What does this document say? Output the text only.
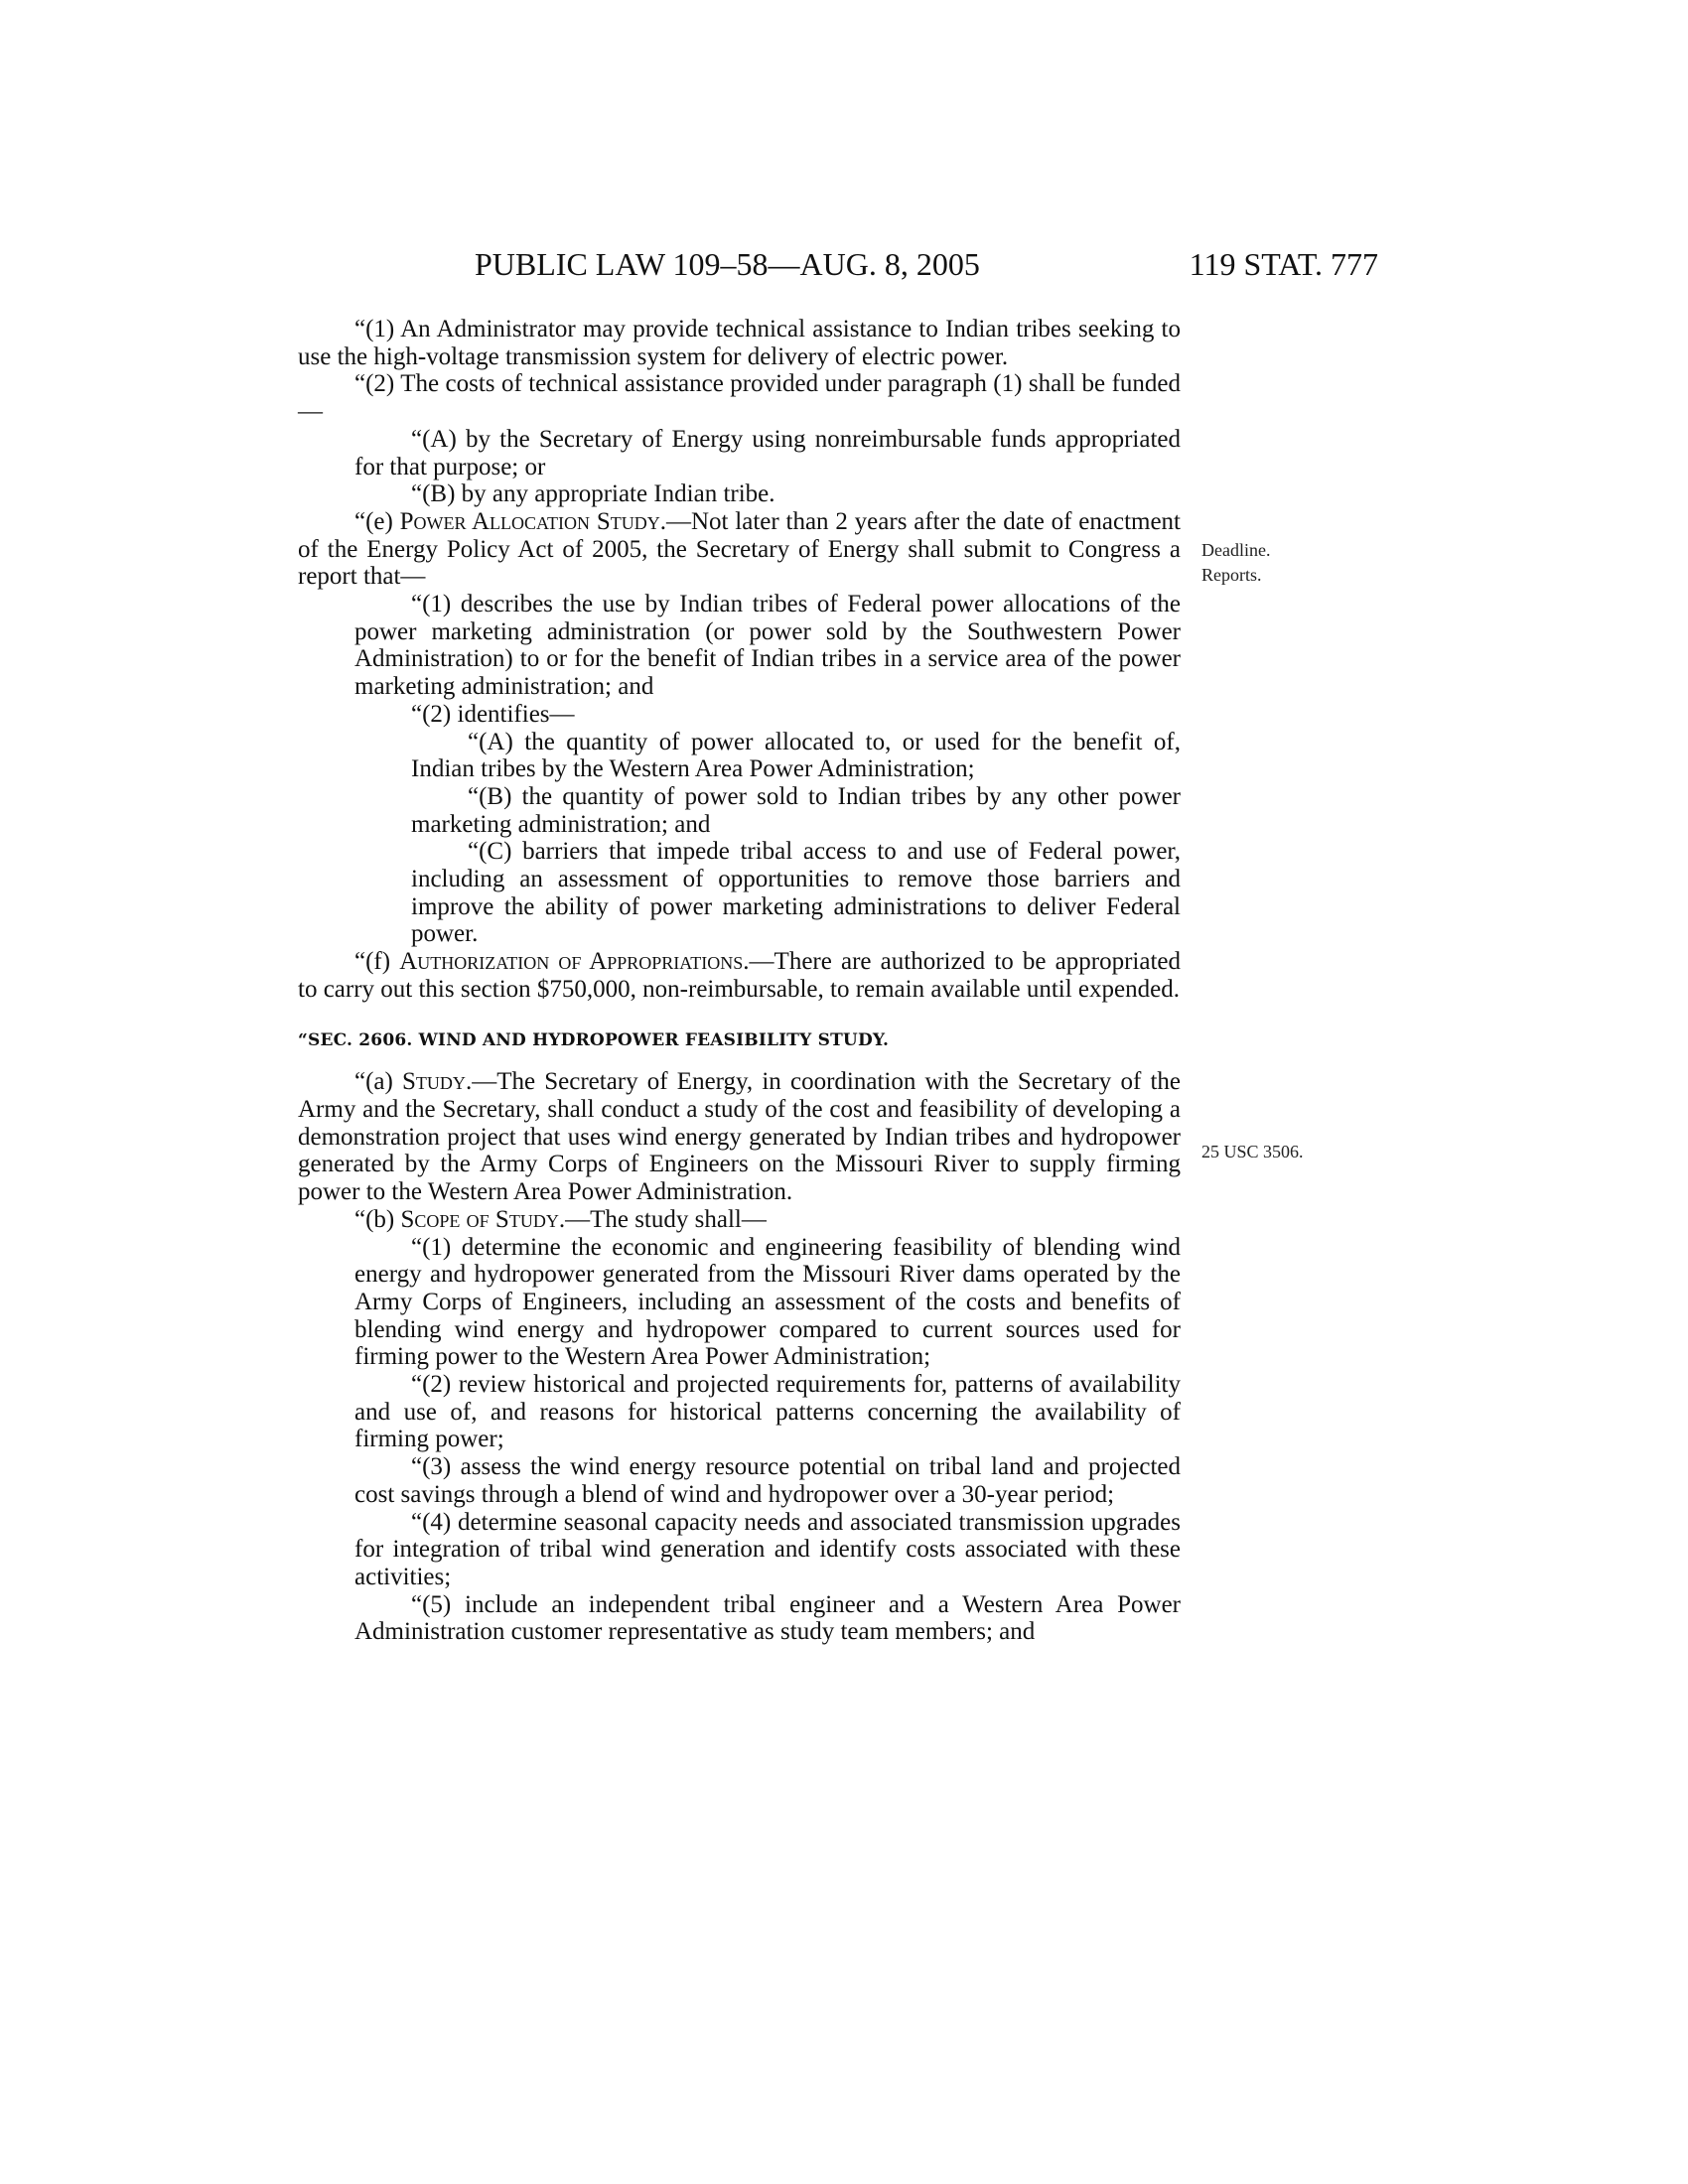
PUBLIC LAW 109–58—AUG. 8, 2005	119 STAT. 777
Deadline.
Reports.
25 USC 3506.

“(1) An Administrator may provide technical assistance to Indian tribes seeking to use the high-voltage transmission system for delivery of electric power.

“(2) The costs of technical assistance provided under paragraph (1) shall be funded—

“(A) by the Secretary of Energy using nonreimbursable funds appropriated for that purpose; or

“(B) by any appropriate Indian tribe.

“(e) Power Allocation Study.—Not later than 2 years after the date of enactment of the Energy Policy Act of 2005, the Secretary of Energy shall submit to Congress a report that—

“(1) describes the use by Indian tribes of Federal power allocations of the power marketing administration (or power sold by the Southwestern Power Administration) to or for the benefit of Indian tribes in a service area of the power marketing administration; and

“(2) identifies—

“(A) the quantity of power allocated to, or used for the benefit of, Indian tribes by the Western Area Power Administration;

“(B) the quantity of power sold to Indian tribes by any other power marketing administration; and

“(C) barriers that impede tribal access to and use of Federal power, including an assessment of opportunities to remove those barriers and improve the ability of power marketing administrations to deliver Federal power.

“(f) Authorization of Appropriations.—There are authorized to be appropriated to carry out this section $750,000, non-reimbursable, to remain available until expended.

“SEC. 2606. WIND AND HYDROPOWER FEASIBILITY STUDY.

“(a) Study.—The Secretary of Energy, in coordination with the Secretary of the Army and the Secretary, shall conduct a study of the cost and feasibility of developing a demonstration project that uses wind energy generated by Indian tribes and hydropower generated by the Army Corps of Engineers on the Missouri River to supply firming power to the Western Area Power Administration.

“(b) Scope of Study.—The study shall—

“(1) determine the economic and engineering feasibility of blending wind energy and hydropower generated from the Missouri River dams operated by the Army Corps of Engineers, including an assessment of the costs and benefits of blending wind energy and hydropower compared to current sources used for firming power to the Western Area Power Administration;

“(2) review historical and projected requirements for, patterns of availability and use of, and reasons for historical patterns concerning the availability of firming power;

“(3) assess the wind energy resource potential on tribal land and projected cost savings through a blend of wind and hydropower over a 30-year period;

“(4) determine seasonal capacity needs and associated transmission upgrades for integration of tribal wind generation and identify costs associated with these activities;

“(5) include an independent tribal engineer and a Western Area Power Administration customer representative as study team members; and
